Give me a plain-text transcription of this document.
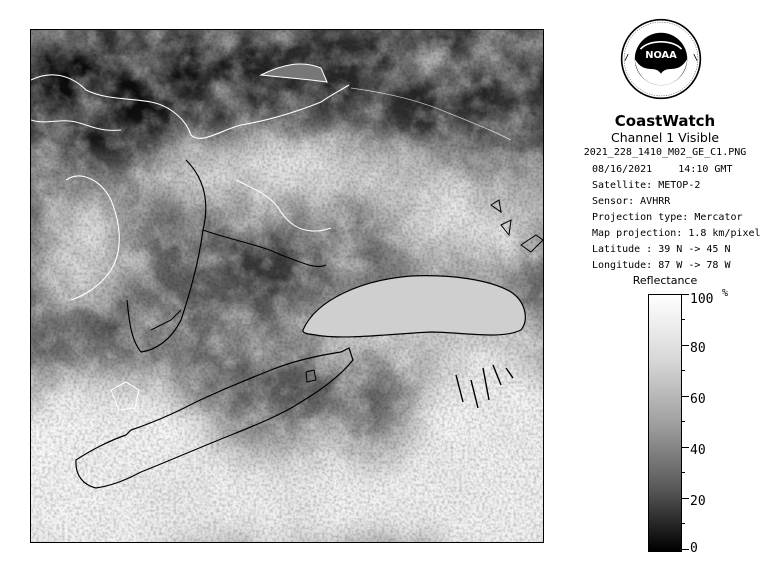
NOAA
CoastWatch
Channel 1 Visible
2021_228_1410_M02_GE_C1.PNG
08/16/2021	14:10 GMT
Satellite: METOP-2
Sensor: AVHRR
Projection type: Mercator
Map projection: 1.8 km/pixel
Latitude : 39 N -> 45 N
Longitude: 87 W -> 78 W
Reflectance
100 %
80
60
40
20
0
